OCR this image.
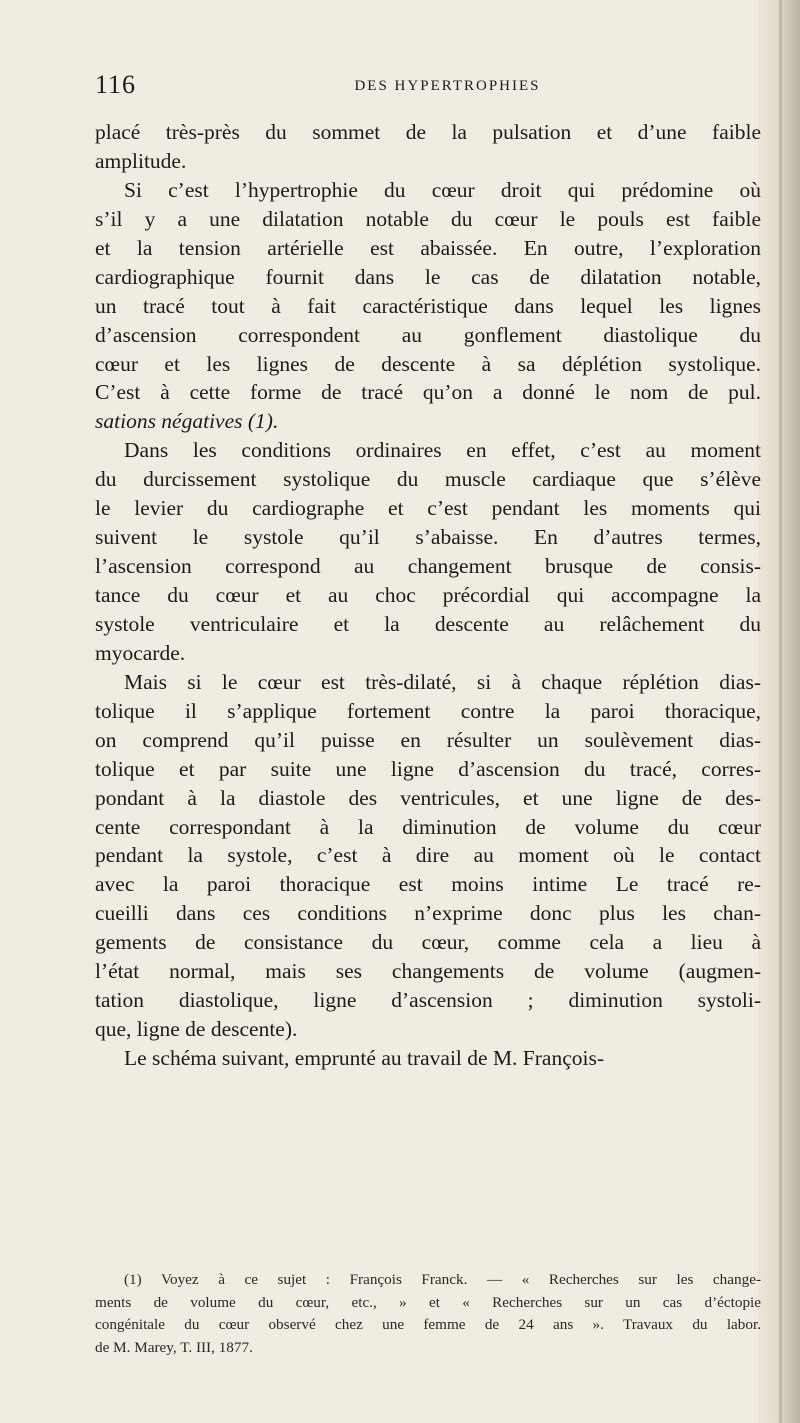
116	DES HYPERTROPHIES
placé très-près du sommet de la pulsation et d’une faible
amplitude.
Si c’est l’hypertrophie du cœur droit qui prédomine où
s’il y a une dilatation notable du cœur le pouls est faible
et la tension artérielle est abaissée. En outre, l’exploration
cardiographique fournit dans le cas de dilatation notable,
un tracé tout à fait caractéristique dans lequel les lignes
d’ascension correspondent au gonflement diastolique du
cœur et les lignes de descente à sa déplétion systolique.
C’est à cette forme de tracé qu’on a donné le nom de pul.
sations négatives (1).
Dans les conditions ordinaires en effet, c’est au moment
du durcissement systolique du muscle cardiaque que s’élève
le levier du cardiographe et c’est pendant les moments qui
suivent le systole qu’il s’abaisse. En d’autres termes,
l’ascension correspond au changement brusque de consis-
tance du cœur et au choc précordial qui accompagne la
systole ventriculaire et la descente au relâchement du
myocarde.
Mais si le cœur est très-dilaté, si à chaque réplétion dias-
tolique il s’applique fortement contre la paroi thoracique,
on comprend qu’il puisse en résulter un soulèvement dias-
tolique et par suite une ligne d’ascension du tracé, corres-
pondant à la diastole des ventricules, et une ligne de des-
cente correspondant à la diminution de volume du cœur
pendant la systole, c’est à dire au moment où le contact
avec la paroi thoracique est moins intime Le tracé re-
cueilli dans ces conditions n’exprime donc plus les chan-
gements de consistance du cœur, comme cela a lieu à
l’état normal, mais ses changements de volume (augmen-
tation diastolique, ligne d’ascension ; diminution systoli-
que, ligne de descente).
Le schéma suivant, emprunté au travail de M. François-
(1) Voyez à ce sujet : François Franck. — « Recherches sur les change-
ments de volume du cœur, etc., » et « Recherches sur un cas d’éctopie
congénitale du cœur observé chez une femme de 24 ans ». Travaux du labor.
de M. Marey, T. III, 1877.
